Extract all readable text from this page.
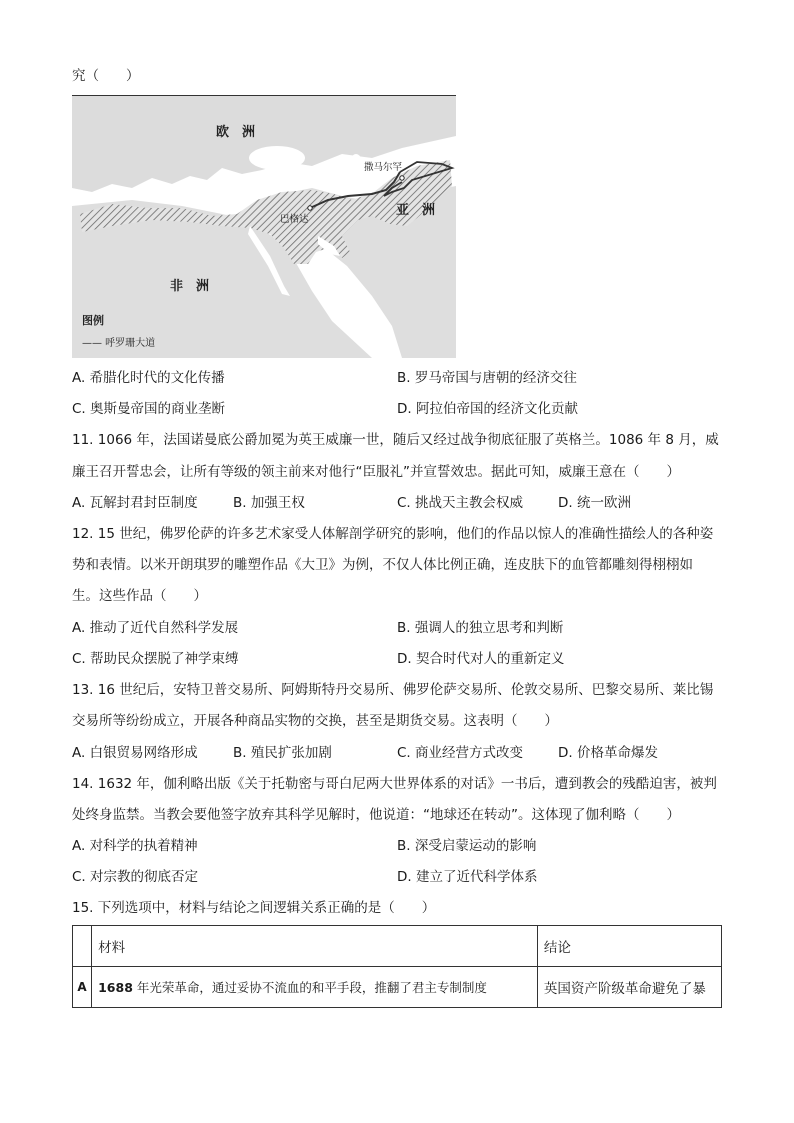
究（　　）
欧　洲
亚　洲
非　洲
撒马尔罕
巴格达
图例
—— 呼罗珊大道
A. 希腊化时代的文化传播	B. 罗马帝国与唐朝的经济交往
C. 奥斯曼帝国的商业垄断	D. 阿拉伯帝国的经济文化贡献
11. 1066 年，法国诺曼底公爵加冕为英王威廉一世，随后又经过战争彻底征服了英格兰。1086 年 8 月，威
廉王召开誓忠会，让所有等级的领主前来对他行“臣服礼”并宣誓效忠。据此可知，威廉王意在（　　）
A. 瓦解封君封臣制度	B. 加强王权	C. 挑战天主教会权威	D. 统一欧洲
12. 15 世纪，佛罗伦萨的许多艺术家受人体解剖学研究的影响，他们的作品以惊人的准确性描绘人的各种姿
势和表情。以米开朗琪罗的雕塑作品《大卫》为例，不仅人体比例正确，连皮肤下的血管都雕刻得栩栩如
生。这些作品（　　）
A. 推动了近代自然科学发展	B. 强调人的独立思考和判断
C. 帮助民众摆脱了神学束缚	D. 契合时代对人的重新定义
13. 16 世纪后，安特卫普交易所、阿姆斯特丹交易所、佛罗伦萨交易所、伦敦交易所、巴黎交易所、莱比锡
交易所等纷纷成立，开展各种商品实物的交换，甚至是期货交易。这表明（　　）
A. 白银贸易网络形成	B. 殖民扩张加剧	C. 商业经营方式改变	D. 价格革命爆发
14. 1632 年，伽利略出版《关于托勒密与哥白尼两大世界体系的对话》一书后，遭到教会的残酷迫害，被判
处终身监禁。当教会要他签字放弃其科学见解时，他说道：“地球还在转动”。这体现了伽利略（　　）
A. 对科学的执着精神	B. 深受启蒙运动的影响
C. 对宗教的彻底否定	D. 建立了近代科学体系
15. 下列选项中，材料与结论之间逻辑关系正确的是（　　）
	材料	结论
A	1688 年光荣革命，通过妥协不流血的和平手段，推翻了君主专制制度	英国资产阶级革命避免了暴
